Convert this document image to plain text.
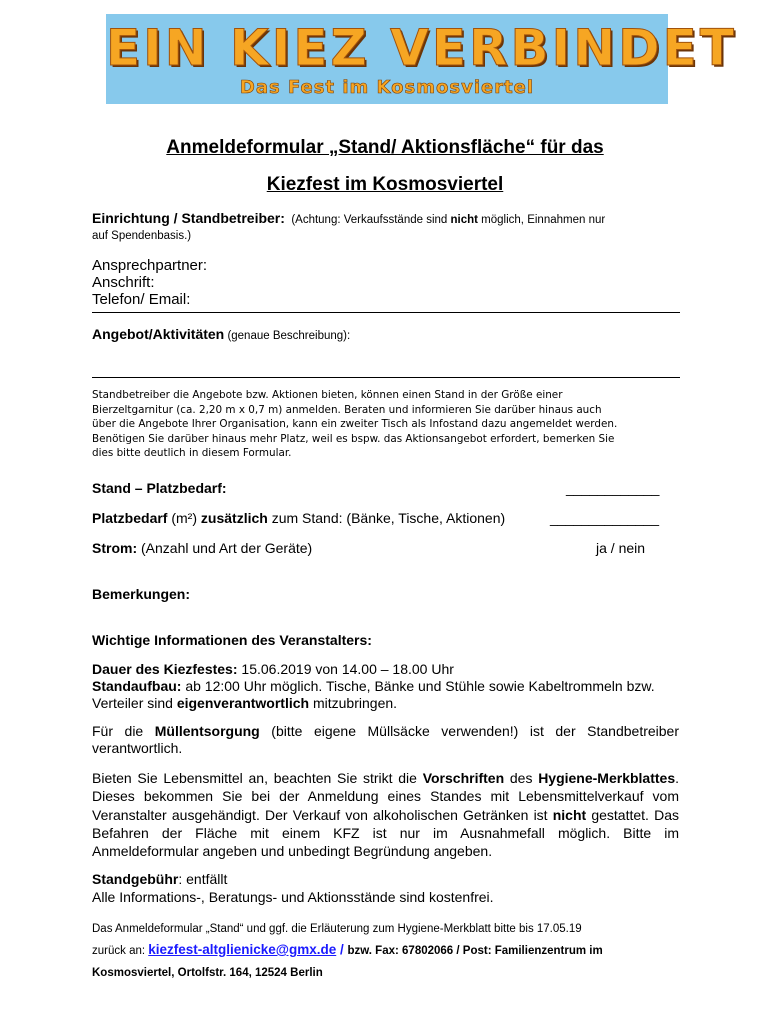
EIN KIEZ VERBINDET
Das Fest im Kosmosviertel
Anmeldeformular „Stand/ Aktionsfläche“ für das
Kiezfest im Kosmosviertel
Einrichtung / Standbetreiber: (Achtung: Verkaufsstände sind nicht möglich, Einnahmen nur
auf Spendenbasis.)
Ansprechpartner:
Anschrift:
Telefon/ Email:
Angebot/Aktivitäten (genaue Beschreibung):
Standbetreiber die Angebote bzw. Aktionen bieten, können einen Stand in der Größe einer
Bierzeltgarnitur (ca. 2,20 m x 0,7 m) anmelden. Beraten und informieren Sie darüber hinaus auch
über die Angebote Ihrer Organisation, kann ein zweiter Tisch als Infostand dazu angemeldet werden.
Benötigen Sie darüber hinaus mehr Platz, weil es bspw. das Aktionsangebot erfordert, bemerken Sie
dies bitte deutlich in diesem Formular.
Stand – Platzbedarf:	____________
Platzbedarf (m²) zusätzlich zum Stand: (Bänke, Tische, Aktionen)	______________
Strom: (Anzahl und Art der Geräte)	ja / nein
Bemerkungen:
Wichtige Informationen des Veranstalters:
Dauer des Kiezfestes: 15.06.2019 von 14.00 – 18.00 Uhr
Standaufbau: ab 12:00 Uhr möglich. Tische, Bänke und Stühle sowie Kabeltrommeln bzw.
Verteiler sind eigenverantwortlich mitzubringen.
Für die Müllentsorgung (bitte eigene Müllsäcke verwenden!) ist der Standbetreiber
verantwortlich.
Bieten Sie Lebensmittel an, beachten Sie strikt die Vorschriften des Hygiene-Merkblattes.
Dieses bekommen Sie bei der Anmeldung eines Standes mit Lebensmittelverkauf vom
Veranstalter ausgehändigt. Der Verkauf von alkoholischen Getränken ist nicht gestattet. Das
Befahren der Fläche mit einem KFZ ist nur im Ausnahmefall möglich. Bitte im
Anmeldeformular angeben und unbedingt Begründung angeben.
Standgebühr: entfällt
Alle Informations-, Beratungs- und Aktionsstände sind kostenfrei.
Das Anmeldeformular „Stand“ und ggf. die Erläuterung zum Hygiene-Merkblatt bitte bis 17.05.19
zurück an: kiezfest-altglienicke@gmx.de / bzw. Fax: 67802066 / Post: Familienzentrum im
Kosmosviertel, Ortolfstr. 164, 12524 Berlin
